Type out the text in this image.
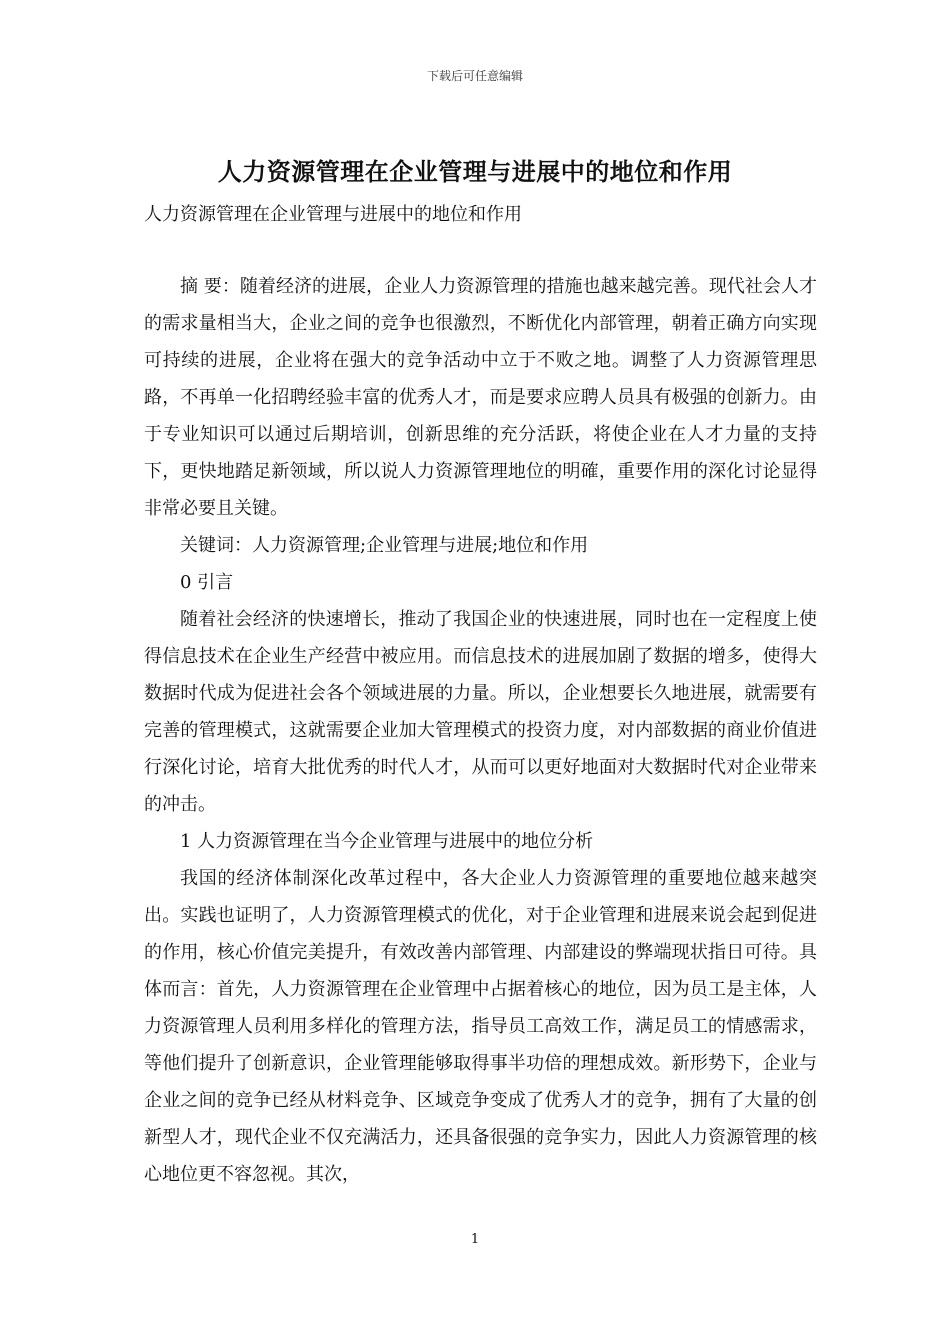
下载后可任意编辑
人力资源管理在企业管理与进展中的地位和作用
人力资源管理在企业管理与进展中的地位和作用

摘 要：随着经济的进展，企业人力资源管理的措施也越来越完善。现代社会人才的需求量相当大，企业之间的竞争也很激烈，不断优化内部管理，朝着正确方向实现可持续的进展，企业将在强大的竞争活动中立于不败之地。调整了人力资源管理思路，不再单一化招聘经验丰富的优秀人才，而是要求应聘人员具有极强的创新力。由于专业知识可以通过后期培训，创新思维的充分活跃，将使企业在人才力量的支持下，更快地踏足新领域，所以说人力资源管理地位的明確，重要作用的深化讨论显得非常必要且关键。

关键词：人力资源管理;企业管理与进展;地位和作用

0 引言

随着社会经济的快速增长，推动了我国企业的快速进展，同时也在一定程度上使得信息技术在企业生产经营中被应用。而信息技术的进展加剧了数据的增多，使得大数据时代成为促进社会各个领域进展的力量。所以，企业想要长久地进展，就需要有完善的管理模式，这就需要企业加大管理模式的投资力度，对内部数据的商业价值进行深化讨论，培育大批优秀的时代人才，从而可以更好地面对大数据时代对企业带来的冲击。

1 人力资源管理在当今企业管理与进展中的地位分析

我国的经济体制深化改革过程中，各大企业人力资源管理的重要地位越来越突出。实践也证明了，人力资源管理模式的优化，对于企业管理和进展来说会起到促进的作用，核心价值完美提升，有效改善内部管理、内部建设的弊端现状指日可待。具体而言：首先，人力资源管理在企业管理中占据着核心的地位，因为员工是主体，人力资源管理人员利用多样化的管理方法，指导员工高效工作，满足员工的情感需求，等他们提升了创新意识，企业管理能够取得事半功倍的理想成效。新形势下，企业与企业之间的竞争已经从材料竞争、区域竞争变成了优秀人才的竞争，拥有了大量的创新型人才，现代企业不仅充满活力，还具备很强的竞争实力，因此人力资源管理的核心地位更不容忽视。其次，

1
